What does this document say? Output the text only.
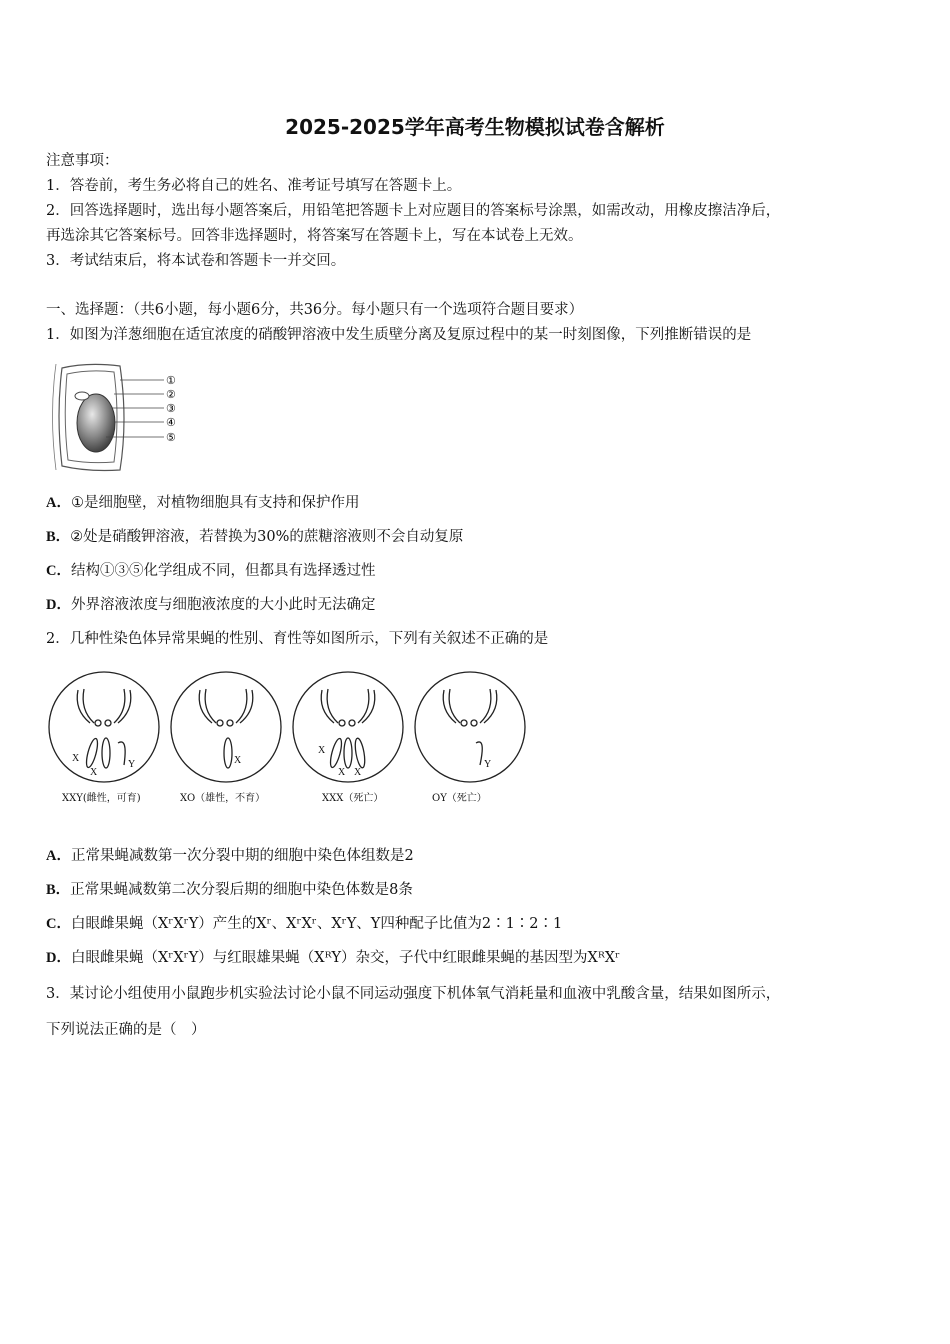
2025-2025学年高考生物模拟试卷含解析
注意事项：
1．答卷前，考生务必将自己的姓名、准考证号填写在答题卡上。
2．回答选择题时，选出每小题答案后，用铅笔把答题卡上对应题目的答案标号涂黑，如需改动，用橡皮擦洁净后，
再选涂其它答案标号。回答非选择题时，将答案写在答题卡上，写在本试卷上无效。
3．考试结束后，将本试卷和答题卡一并交回。
一、选择题：（共6小题，每小题6分，共36分。每小题只有一个选项符合题目要求）
1．如图为洋葱细胞在适宜浓度的硝酸钾溶液中发生质壁分离及复原过程中的某一时刻图像，下列推断错误的是
①
②
③
④
⑤
A．①是细胞壁，对植物细胞具有支持和保护作用
B．②处是硝酸钾溶液，若替换为30%的蔗糖溶液则不会自动复原
C．结构①③⑤化学组成不同，但都具有选择透过性
D．外界溶液浓度与细胞液浓度的大小此时无法确定
2．几种性染色体异常果蝇的性别、育性等如图所示，下列有关叙述不正确的是
X
X
Y	X
X
X X
Y
XXY(雌性，可育)	XO（雄性，不育）	XXX（死亡）	OY（死亡）
A．正常果蝇减数第一次分裂中期的细胞中染色体组数是2
B．正常果蝇减数第二次分裂后期的细胞中染色体数是8条
C．白眼雌果蝇（XʳXʳY）产生的Xʳ、XʳXʳ、XʳY、Y四种配子比值为2∶1∶2∶1
D．白眼雌果蝇（XʳXʳY）与红眼雄果蝇（XᴿY）杂交，子代中红眼雌果蝇的基因型为XᴿXʳ
3．某讨论小组使用小鼠跑步机实验法讨论小鼠不同运动强度下机体氧气消耗量和血液中乳酸含量，结果如图所示，
下列说法正确的是（　）
